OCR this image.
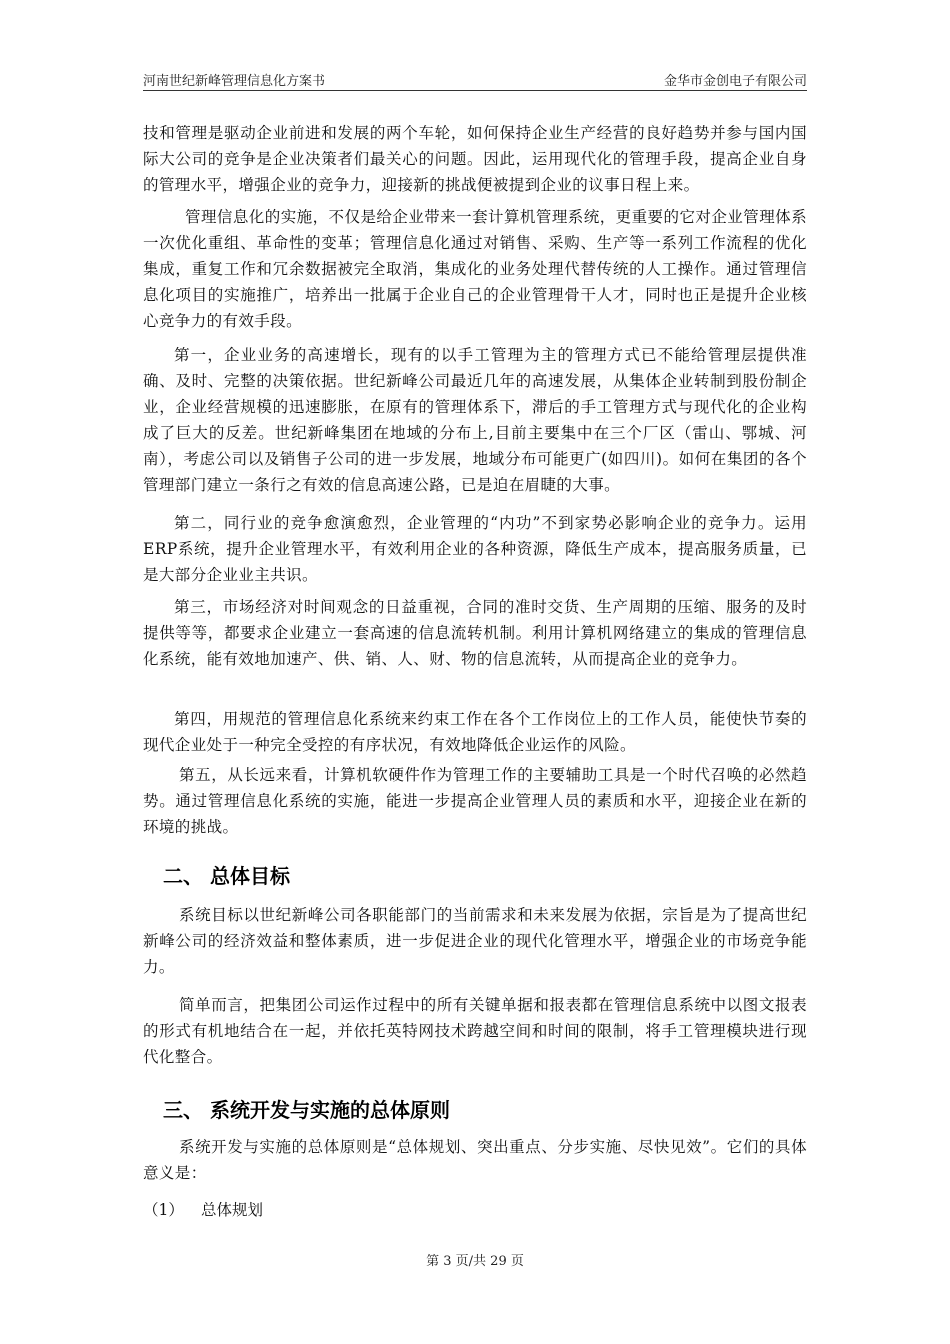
河南世纪新峰管理信息化方案书	金华市金创电子有限公司

技和管理是驱动企业前进和发展的两个车轮，如何保持企业生产经营的良好趋势并参与国内国际大公司的竞争是企业决策者们最关心的问题。因此，运用现代化的管理手段，提高企业自身的管理水平，增强企业的竞争力，迎接新的挑战便被提到企业的议事日程上来。

管理信息化的实施，不仅是给企业带来一套计算机管理系统，更重要的它对企业管理体系一次优化重组、革命性的变革；管理信息化通过对销售、采购、生产等一系列工作流程的优化集成，重复工作和冗余数据被完全取消，集成化的业务处理代替传统的人工操作。通过管理信息化项目的实施推广，培养出一批属于企业自己的企业管理骨干人才，同时也正是提升企业核心竞争力的有效手段。

第一，企业业务的高速增长，现有的以手工管理为主的管理方式已不能给管理层提供准确、及时、完整的决策依据。世纪新峰公司最近几年的高速发展，从集体企业转制到股份制企业，企业经营规模的迅速膨胀，在原有的管理体系下，滞后的手工管理方式与现代化的企业构成了巨大的反差。世纪新峰集团在地域的分布上,目前主要集中在三个厂区（雷山、鄂城、河南），考虑公司以及销售子公司的进一步发展，地域分布可能更广(如四川)。如何在集团的各个管理部门建立一条行之有效的信息高速公路，已是迫在眉睫的大事。

第二，同行业的竞争愈演愈烈，企业管理的“内功”不到家势必影响企业的竞争力。运用ERP系统，提升企业管理水平，有效利用企业的各种资源，降低生产成本，提高服务质量，已是大部分企业业主共识。

第三，市场经济对时间观念的日益重视，合同的准时交货、生产周期的压缩、服务的及时提供等等，都要求企业建立一套高速的信息流转机制。利用计算机网络建立的集成的管理信息化系统，能有效地加速产、供、销、人、财、物的信息流转，从而提高企业的竞争力。

第四，用规范的管理信息化系统来约束工作在各个工作岗位上的工作人员，能使快节奏的现代企业处于一种完全受控的有序状况，有效地降低企业运作的风险。

第五，从长远来看，计算机软硬件作为管理工作的主要辅助工具是一个时代召唤的必然趋势。通过管理信息化系统的实施，能进一步提高企业管理人员的素质和水平，迎接企业在新的环境的挑战。

二、 总体目标

系统目标以世纪新峰公司各职能部门的当前需求和未来发展为依据，宗旨是为了提高世纪新峰公司的经济效益和整体素质，进一步促进企业的现代化管理水平，增强企业的市场竞争能力。

简单而言，把集团公司运作过程中的所有关键单据和报表都在管理信息系统中以图文报表的形式有机地结合在一起，并依托英特网技术跨越空间和时间的限制，将手工管理模块进行现代化整合。

三、 系统开发与实施的总体原则

系统开发与实施的总体原则是“总体规划、突出重点、分步实施、尽快见效”。它们的具体意义是：

（1） 总体规划
第 3 页/共 29 页
